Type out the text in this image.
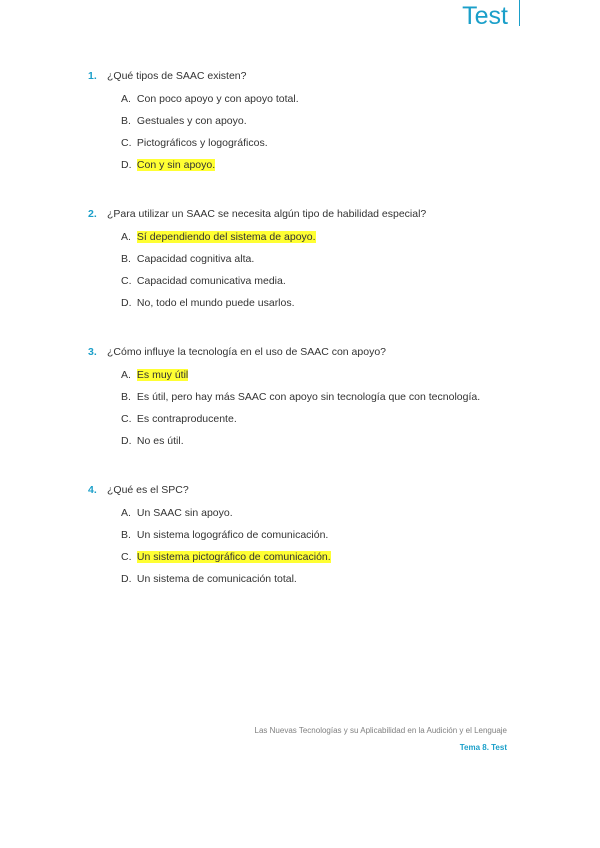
Test
1. ¿Qué tipos de SAAC existen?
A. Con poco apoyo y con apoyo total.
B. Gestuales y con apoyo.
C. Pictográficos y logográficos.
D. Con y sin apoyo.
2. ¿Para utilizar un SAAC se necesita algún tipo de habilidad especial?
A. Sí dependiendo del sistema de apoyo.
B. Capacidad cognitiva alta.
C. Capacidad comunicativa media.
D. No, todo el mundo puede usarlos.
3. ¿Cómo influye la tecnología en el uso de SAAC con apoyo?
A. Es muy útil
B. Es útil, pero hay más SAAC con apoyo sin tecnología que con tecnología.
C. Es contraproducente.
D. No es útil.
4. ¿Qué es el SPC?
A. Un SAAC sin apoyo.
B. Un sistema logográfico de comunicación.
C. Un sistema pictográfico de comunicación.
D. Un sistema de comunicación total.
Las Nuevas Tecnologías y su Aplicabilidad en la Audición y el Lenguaje
Tema 8. Test
